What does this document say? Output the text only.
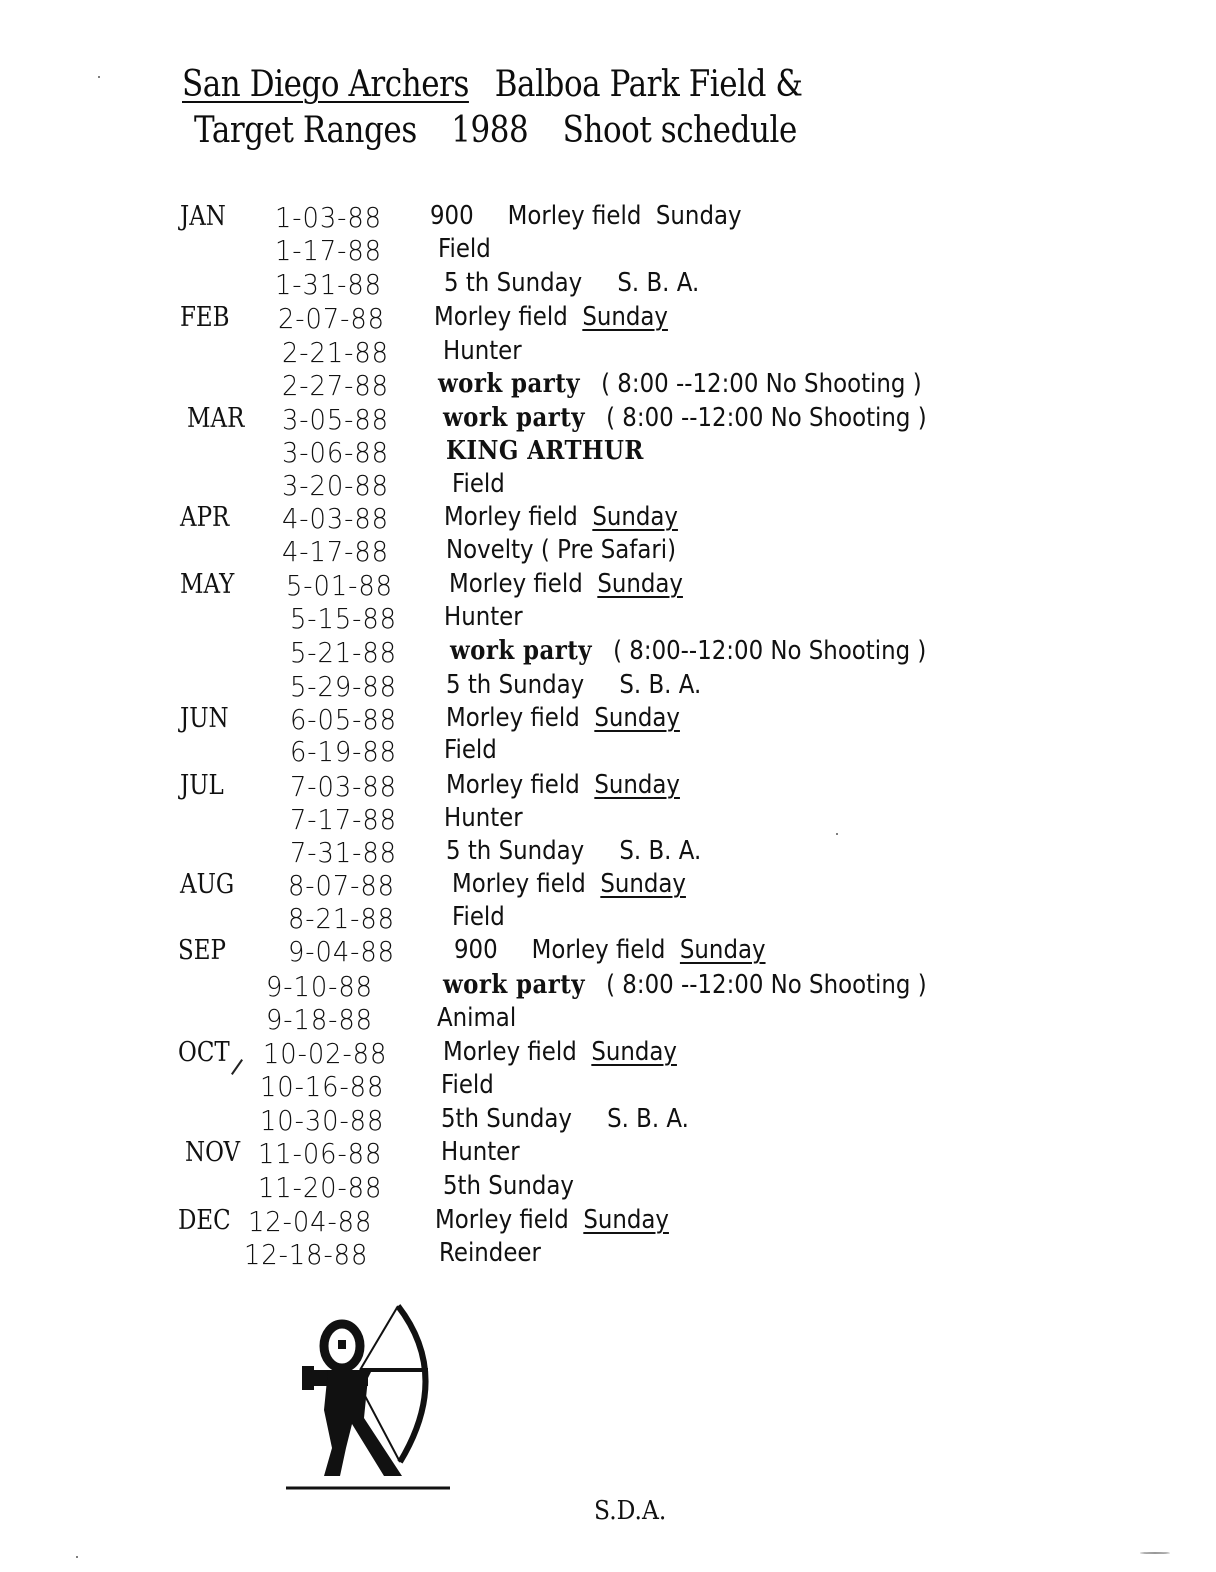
San Diego Archers Balboa Park Field &
Target Ranges 1988 Shoot schedule
JAN 1-03-88 900 Morley field Sunday
1-17-88 Field
1-31-88 5 th Sunday S. B. A.
FEB 2-07-88 Morley field Sunday
2-21-88 Hunter
2-27-88 work party ( 8:00 --12:00 No Shooting )
MAR 3-05-88 work party ( 8:00 --12:00 No Shooting )
3-06-88 KING ARTHUR
3-20-88 Field
APR 4-03-88 Morley field Sunday
4-17-88 Novelty ( Pre Safari)
MAY 5-01-88 Morley field Sunday
5-15-88 Hunter
5-21-88 work party ( 8:00--12:00 No Shooting )
5-29-88 5 th Sunday S. B. A.
JUN 6-05-88 Morley field Sunday
6-19-88 Field
JUL 7-03-88 Morley field Sunday
7-17-88 Hunter
7-31-88 5 th Sunday S. B. A.
AUG 8-07-88 Morley field Sunday
8-21-88 Field
SEP 9-04-88 900 Morley field Sunday
9-10-88	work party ( 8:00 --12:00 No Shooting )
9-18-88 Animal
OCT 10-02-88 Morley field Sunday
10-16-88 Field
10-30-88 5th Sunday S. B. A.
NOV 11-06-88 Hunter
11-20-88 5th Sunday
DEC 12-04-88 Morley field Sunday
12-18-88	Reindeer
S.D.A.
